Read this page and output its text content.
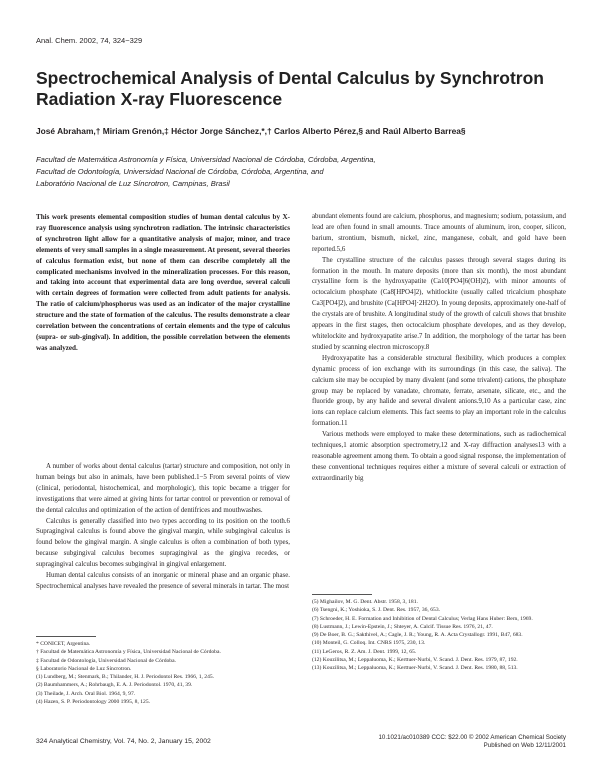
Anal. Chem. 2002, 74, 324−329
Spectrochemical Analysis of Dental Calculus by Synchrotron Radiation X-ray Fluorescence
José Abraham,† Miriam Grenón,‡ Héctor Jorge Sánchez,*,† Carlos Alberto Pérez,§ and Raúl Alberto Barrea§
Facultad de Matemática Astronomía y Física, Universidad Nacional de Córdoba, Córdoba, Argentina,
Facultad de Odontología, Universidad Nacional de Córdoba, Córdoba, Argentina, and
Laboratório Nacional de Luz Síncrotron, Campinas, Brasil
This work presents elemental composition studies of human dental calculus by X-ray fluorescence analysis using synchrotron radiation. The intrinsic characteristics of synchrotron light allow for a quantitative analysis of major, minor, and trace elements of very small samples in a single measurement. At present, several theories of calculus formation exist, but none of them can describe completely all the complicated mechanisms involved in the mineralization processes. For this reason, and taking into account that experimental data are long overdue, several calculi with certain degrees of formation were collected from adult patients for analysis. The ratio of calcium/phosphorus was used as an indicator of the major crystalline structure and the state of formation of the calculus. The results demonstrate a clear correlation between the concentrations of certain elements and the type of calculus (supra- or sub-gingival). In addition, the possible correlation between the elements was analyzed.

A number of works about dental calculus (tartar) structure and composition, not only in human beings but also in animals, have been published.1−5 From several points of view (clinical, periodontal, histochemical, and morphologic), this topic became a trigger for investigations that were aimed at giving hints for tartar control or prevention or removal of the dental calculus and optimization of the action of dentifrices and mouthwashes.

Calculus is generally classified into two types according to its position on the tooth.6 Supragingival calculus is found above the gingival margin, while subgingival calculus is found below the gingival margin. A single calculus is often a combination of both types, because subgingival calculus becomes supragingival as the gingiva recedes, or supragingival calculus becomes subgingival in gingival enlargement.

Human dental calculus consists of an inorganic or mineral phase and an organic phase. Spectrochemical analyses have revealed the presence of several minerals in tartar. The most

abundant elements found are calcium, phosphorus, and magnesium; sodium, potassium, and lead are often found in small amounts. Trace amounts of aluminum, iron, cooper, silicon, barium, strontium, bismuth, nickel, zinc, manganese, cobalt, and gold have been reported.5,6

The crystalline structure of the calculus passes through several stages during its formation in the mouth. In mature deposits (more than six month), the most abundant crystalline form is the hydroxyapatite (Ca10[PO4]6(OH)2), with minor amounts of octocalcium phosphate (Ca8[HPO4]2), whitlockite (usually called tricalcium phosphate Ca3[PO4]2), and brushite (Ca[HPO4]·2H2O). In young deposits, approximately one-half of the crystals are of brushite. A longitudinal study of the growth of calculi shows that brushite appears in the first stages, then octocalcium phosphate developes, and as they develop, whitelockite and hydroxyapatite arise.7 In addition, the morphology of the tartar has been studied by scanning electron microscopy.8

Hydroxyapatite has a considerable structural flexibility, which produces a complex dynamic process of ion exchange with its surroundings (in this case, the saliva). The calcium site may be occupied by many divalent (and some trivalent) cations, the phosphate group may be replaced by vanadate, chromate, ferrate, arsenate, silicate, etc., and the fluoride group, by any halide and several divalent anions.9,10 As a particular case, zinc ions can replace calcium elements. This fact seems to play an important role in the calculus formation.11

Various methods were employed to make these determinations, such as radiochemical techniques,1 atomic absorption spectrometry,12 and X-ray diffraction analyses13 with a reasonable agreement among them. To obtain a good signal response, the implementation of these conventional techniques requires either a mixture of several calculi or extraction of extraordinarily big

* CONICET, Argentina.
† Facultad de Matemática Astronomía y Física, Universidad Nacional de Córdoba.
‡ Facultad de Odontología, Universidad Nacional de Córdoba.
§ Laboratorio Nacional de Luz Síncrotron.
(1) Lundberg, M.; Stenmark, B.; Thilander, H. J. Periodontol Res. 1966, 1, 245.
(2) Baumhammers, A.; Rohrbaugh, E. A. J. Periodontol. 1970, 41, 39.
(3) Theilade, J. Arch. Oral Biol. 1964, 9, 97.
(4) Hazen, S. P. Periodontology 2000 1995, 8, 125.
(5) Mighailov, M. G. Dent. Abstr. 1958, 3, 181.
(6) Tsengni, K.; Yoshioka, S. J. Dent. Res. 1957, 36, 653.
(7) Schroeder, H. E. Formation and Inhibition of Dental Calculus; Verlag Hans Huber: Bern, 1969.
(8) Lustmann, J.; Lewin-Epstein, J.; Shteyer, A. Calcif. Tissue Res. 1976, 21, 47.
(9) De Boer, B. G.; Sakthivel, A.; Cagle, J. R.; Young, R. A. Acta Crystallogr. 1991, B47, 683.
(10) Monteil, G. Colloq. Int. CNRS 1975, 230, 13.
(11) LeGeros, R. Z. Am. J. Dent. 1999, 12, 65.
(12) Kouzilitsa, M.; Leppaluoma, K.; Kerttuer-Nurbi, V. Scand. J. Dent. Res. 1979, 87, 192.
(13) Kouzilitsa, M.; Leppaluoma, K.; Kerttuer-Nurbi, V. Scand. J. Dent. Res. 1980, 88, 513.
324 Analytical Chemistry, Vol. 74, No. 2, January 15, 2002
10.1021/ac010389 CCC: $22.00 © 2002 American Chemical Society
Published on Web 12/11/2001
